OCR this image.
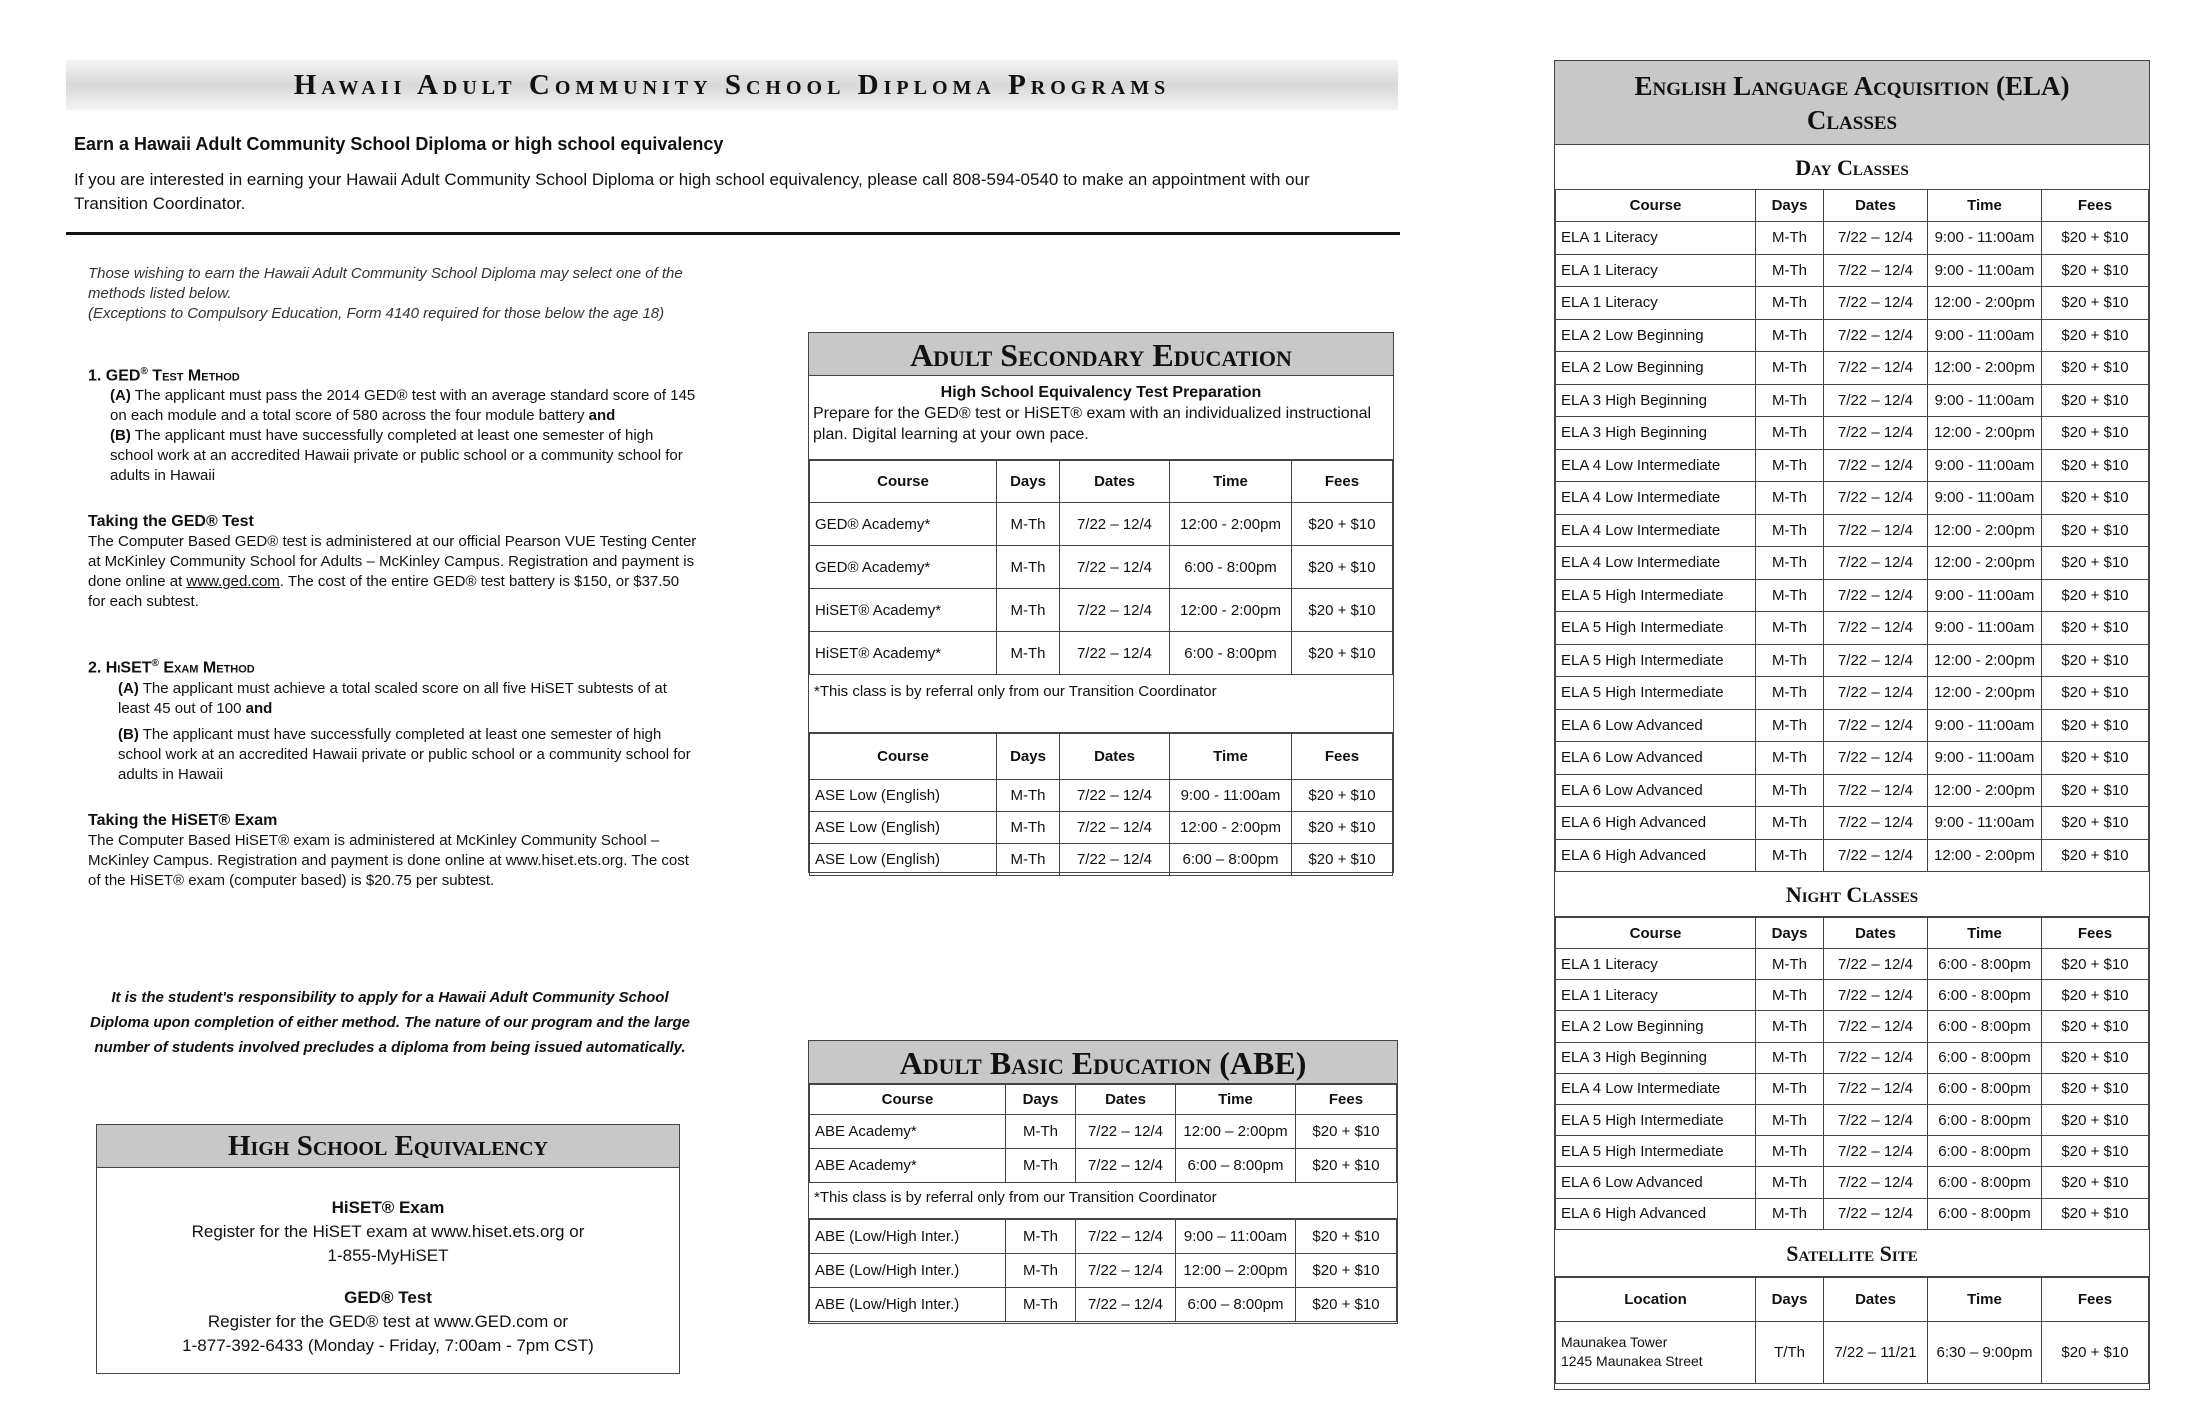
Hawaii Adult Community School Diploma Programs
Earn a Hawaii Adult Community School Diploma or high school equivalency
If you are interested in earning your Hawaii Adult Community School Diploma or high school equivalency, please call 808-594-0540 to make an appointment with our Transition Coordinator.
Those wishing to earn the Hawaii Adult Community School Diploma may select one of the methods listed below.
(Exceptions to Compulsory Education, Form 4140 required for those below the age 18)
1. GED® Test Method
(A) The applicant must pass the 2014 GED® test with an average standard score of 145 on each module and a total score of 580 across the four module battery and
(B) The applicant must have successfully completed at least one semester of high school work at an accredited Hawaii private or public school or a community school for adults in Hawaii
Taking the GED® Test
The Computer Based GED® test is administered at our official Pearson VUE Testing Center at McKinley Community School for Adults – McKinley Campus. Registration and payment is done online at www.ged.com. The cost of the entire GED® test battery is $150, or $37.50 for each subtest.
2. HiSET® Exam Method
(A) The applicant must achieve a total scaled score on all five HiSET subtests of at least 45 out of 100 and
(B) The applicant must have successfully completed at least one semester of high school work at an accredited Hawaii private or public school or a community school for adults in Hawaii
Taking the HiSET® Exam
The Computer Based HiSET® exam is administered at McKinley Community School – McKinley Campus. Registration and payment is done online at www.hiset.ets.org. The cost of the HiSET® exam (computer based) is $20.75 per subtest.
It is the student's responsibility to apply for a Hawaii Adult Community School Diploma upon completion of either method. The nature of our program and the large number of students involved precludes a diploma from being issued automatically.
High School Equivalency
HiSET® Exam
Register for the HiSET exam at www.hiset.ets.org or
1-855-MyHiSET
GED® Test
Register for the GED® test at www.GED.com or
1-877-392-6433 (Monday - Friday, 7:00am - 7pm CST)
Adult Secondary Education
High School Equivalency Test Preparation
Prepare for the GED® test or HiSET® exam with an individualized instructional plan. Digital learning at your own pace.
Course	Days	Dates	Time	Fees
GED® Academy*	M-Th	7/22 – 12/4	12:00 - 2:00pm	$20 + $10
GED® Academy*	M-Th	7/22 – 12/4	6:00 - 8:00pm	$20 + $10
HiSET® Academy*	M-Th	7/22 – 12/4	12:00 - 2:00pm	$20 + $10
HiSET® Academy*	M-Th	7/22 – 12/4	6:00 - 8:00pm	$20 + $10
*This class is by referral only from our Transition Coordinator
Course	Days	Dates	Time	Fees
ASE Low (English)	M-Th	7/22 – 12/4	9:00 - 11:00am	$20 + $10
ASE Low (English)	M-Th	7/22 – 12/4	12:00 - 2:00pm	$20 + $10
ASE Low (English)	M-Th	7/22 – 12/4	6:00 – 8:00pm	$20 + $10
Adult Basic Education (ABE)
Course	Days	Dates	Time	Fees
ABE Academy*	M-Th	7/22 – 12/4	12:00 – 2:00pm	$20 + $10
ABE Academy*	M-Th	7/22 – 12/4	6:00 – 8:00pm	$20 + $10
*This class is by referral only from our Transition Coordinator
ABE (Low/High Inter.)	M-Th	7/22 – 12/4	9:00 – 11:00am	$20 + $10
ABE (Low/High Inter.)	M-Th	7/22 – 12/4	12:00 – 2:00pm	$20 + $10
ABE (Low/High Inter.)	M-Th	7/22 – 12/4	6:00 – 8:00pm	$20 + $10
English Language Acquisition (ELA)
Classes
Day Classes
Course	Days	Dates	Time	Fees
ELA 1 Literacy	M-Th	7/22 – 12/4	9:00 - 11:00am	$20 + $10
ELA 1 Literacy	M-Th	7/22 – 12/4	9:00 - 11:00am	$20 + $10
ELA 1 Literacy	M-Th	7/22 – 12/4	12:00 - 2:00pm	$20 + $10
ELA 2 Low Beginning	M-Th	7/22 – 12/4	9:00 - 11:00am	$20 + $10
ELA 2 Low Beginning	M-Th	7/22 – 12/4	12:00 - 2:00pm	$20 + $10
ELA 3 High Beginning	M-Th	7/22 – 12/4	9:00 - 11:00am	$20 + $10
ELA 3 High Beginning	M-Th	7/22 – 12/4	12:00 - 2:00pm	$20 + $10
ELA 4 Low Intermediate	M-Th	7/22 – 12/4	9:00 - 11:00am	$20 + $10
ELA 4 Low Intermediate	M-Th	7/22 – 12/4	9:00 - 11:00am	$20 + $10
ELA 4 Low Intermediate	M-Th	7/22 – 12/4	12:00 - 2:00pm	$20 + $10
ELA 4 Low Intermediate	M-Th	7/22 – 12/4	12:00 - 2:00pm	$20 + $10
ELA 5 High Intermediate	M-Th	7/22 – 12/4	9:00 - 11:00am	$20 + $10
ELA 5 High Intermediate	M-Th	7/22 – 12/4	9:00 - 11:00am	$20 + $10
ELA 5 High Intermediate	M-Th	7/22 – 12/4	12:00 - 2:00pm	$20 + $10
ELA 5 High Intermediate	M-Th	7/22 – 12/4	12:00 - 2:00pm	$20 + $10
ELA 6 Low Advanced	M-Th	7/22 – 12/4	9:00 - 11:00am	$20 + $10
ELA 6 Low Advanced	M-Th	7/22 – 12/4	9:00 - 11:00am	$20 + $10
ELA 6 Low Advanced	M-Th	7/22 – 12/4	12:00 - 2:00pm	$20 + $10
ELA 6 High Advanced	M-Th	7/22 – 12/4	9:00 - 11:00am	$20 + $10
ELA 6 High Advanced	M-Th	7/22 – 12/4	12:00 - 2:00pm	$20 + $10
Night Classes
Course	Days	Dates	Time	Fees
ELA 1 Literacy	M-Th	7/22 – 12/4	6:00 - 8:00pm	$20 + $10
ELA 1 Literacy	M-Th	7/22 – 12/4	6:00 - 8:00pm	$20 + $10
ELA 2 Low Beginning	M-Th	7/22 – 12/4	6:00 - 8:00pm	$20 + $10
ELA 3 High Beginning	M-Th	7/22 – 12/4	6:00 - 8:00pm	$20 + $10
ELA 4 Low Intermediate	M-Th	7/22 – 12/4	6:00 - 8:00pm	$20 + $10
ELA 5 High Intermediate	M-Th	7/22 – 12/4	6:00 - 8:00pm	$20 + $10
ELA 5 High Intermediate	M-Th	7/22 – 12/4	6:00 - 8:00pm	$20 + $10
ELA 6 Low Advanced	M-Th	7/22 – 12/4	6:00 - 8:00pm	$20 + $10
ELA 6 High Advanced	M-Th	7/22 – 12/4	6:00 - 8:00pm	$20 + $10
Satellite Site
Location	Days	Dates	Time	Fees

Maunakea Tower
1245 Maunakea Street	T/Th	7/22 – 11/21	6:30 – 9:00pm	$20 + $10
